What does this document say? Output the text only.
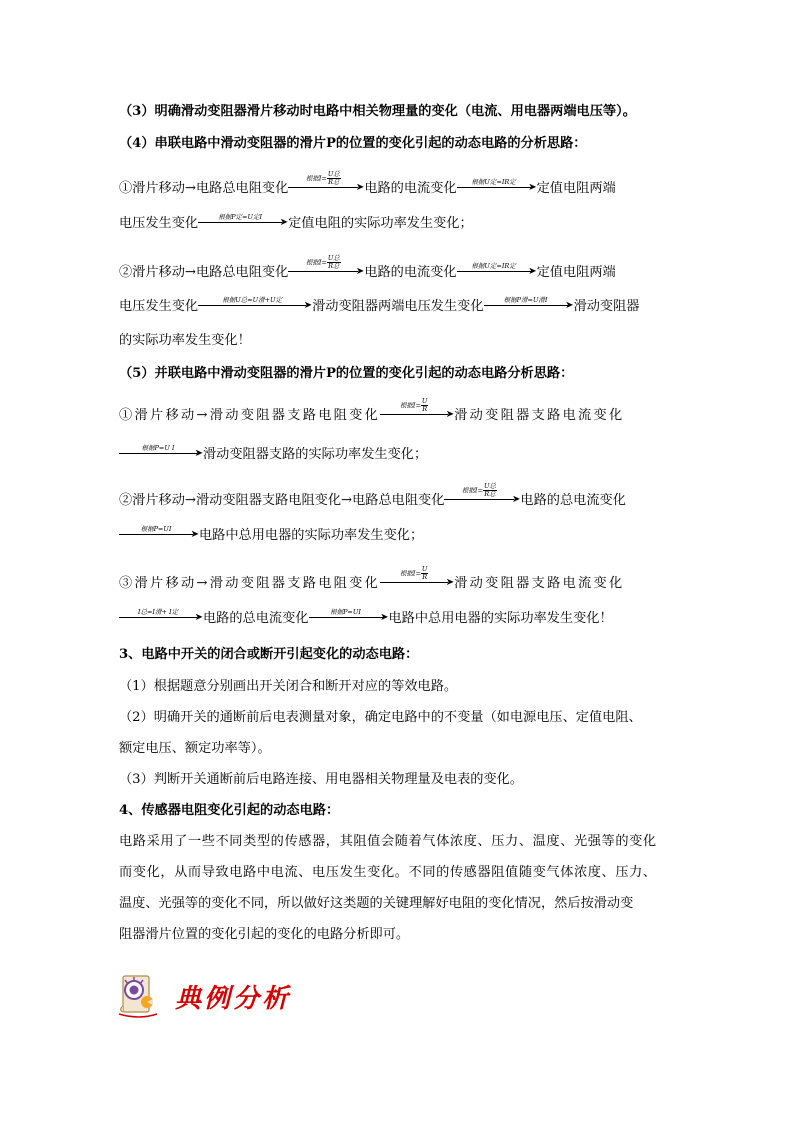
（3）明确滑动变阻器滑片移动时电路中相关物理量的变化（电流、用电器两端电压等）。
（4）串联电路中滑动变阻器的滑片P的位置的变化引起的动态电路的分析思路：
①滑片移动→电路总电阻变化
根据$I= \frac{\text{U总}}{\text{R总}}$
➤ 电路的电流变化	根据U定=IR定	➤ 定值电阻两端
电压发生变化	根据P定=U定I	➤ 定值电阻的实际功率发生变化；
②滑片移动→电路总电阻变化
根据$I= \frac{\text{U总}}{\text{R总}}$
➤ 电路的电流变化	根据U定=IR定	➤ 定值电阻两端
电压发生变化	根据U总=U滑+U定	➤ 滑动变阻器两端电压发生变化	根据P滑=U滑I	➤ 滑动变阻器
的实际功率发生变化！
（5）并联电路中滑动变阻器的滑片P的位置的变化引起的动态电路分析思路：
①滑片移动→滑动变阻器支路电阻变化
根据$I= \frac{U}{R}$
➤ 滑动变阻器支路电流变化
根据P=U I	➤ 滑动变阻器支路的实际功率发生变化；
②滑片移动→滑动变阻器支路电阻变化→电路总电阻变化
根据$I= \frac{\text{U总}}{\text{R总}}$
➤ 电路的总电流变化
根据P=UI	➤ 电路中总用电器的实际功率发生变化；
③滑片移动→滑动变阻器支路电阻变化
根据$I= \frac{U}{R}$
➤ 滑动变阻器支路电流变化
I总=I滑+ I定	➤ 电路的总电流变化	根据P=UI	➤ 电路中总用电器的实际功率发生变化！
3、电路中开关的闭合或断开引起变化的动态电路：
（1）根据题意分别画出开关闭合和断开对应的等效电路。
（2）明确开关的通断前后电表测量对象，确定电路中的不变量（如电源电压、定值电阻、
额定电压、额定功率等）。
（3）判断开关通断前后电路连接、用电器相关物理量及电表的变化。
4、传感器电阻变化引起的动态电路：
电路采用了一些不同类型的传感器，其阻值会随着气体浓度、压力、温度、光强等的变化
而变化，从而导致电路中电流、电压发生变化。不同的传感器阻值随变气体浓度、压力、
温度、光强等的变化不同，所以做好这类题的关键理解好电阻的变化情况，然后按滑动变
阻器滑片位置的变化引起的变化的电路分析即可。
典例分析
